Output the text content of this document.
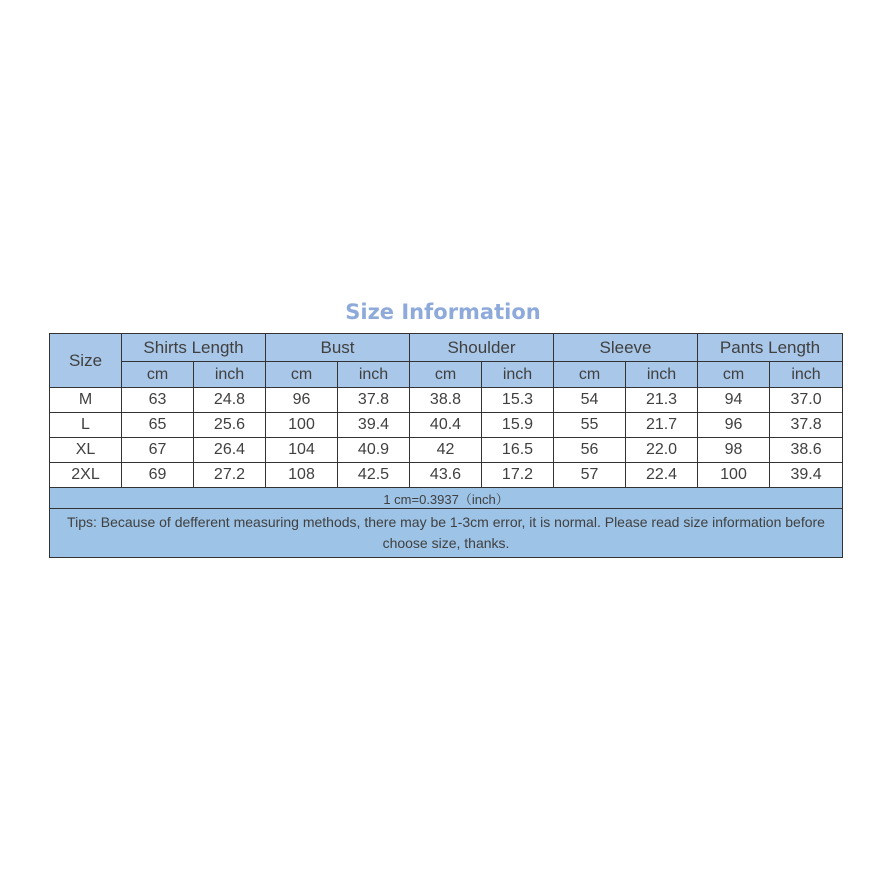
Size Information
Size	Shirts Length		Bust		Shoulder		Sleeve		Pants Length	
	cm	inch	cm	inch	cm	inch	cm	inch	cm	inch
M	63	24.8	96	37.8	38.8	15.3	54	21.3	94	37.0
L	65	25.6	100	39.4	40.4	15.9	55	21.7	96	37.8
XL	67	26.4	104	40.9	42	16.5	56	22.0	98	38.6
2XL	69	27.2	108	42.5	43.6	17.2	57	22.4	100	39.4
1 cm=0.3937（inch）										
Tips: Because of defferent measuring methods, there may be 1-3cm error, it is normal. Please read size information before choose size, thanks.										
